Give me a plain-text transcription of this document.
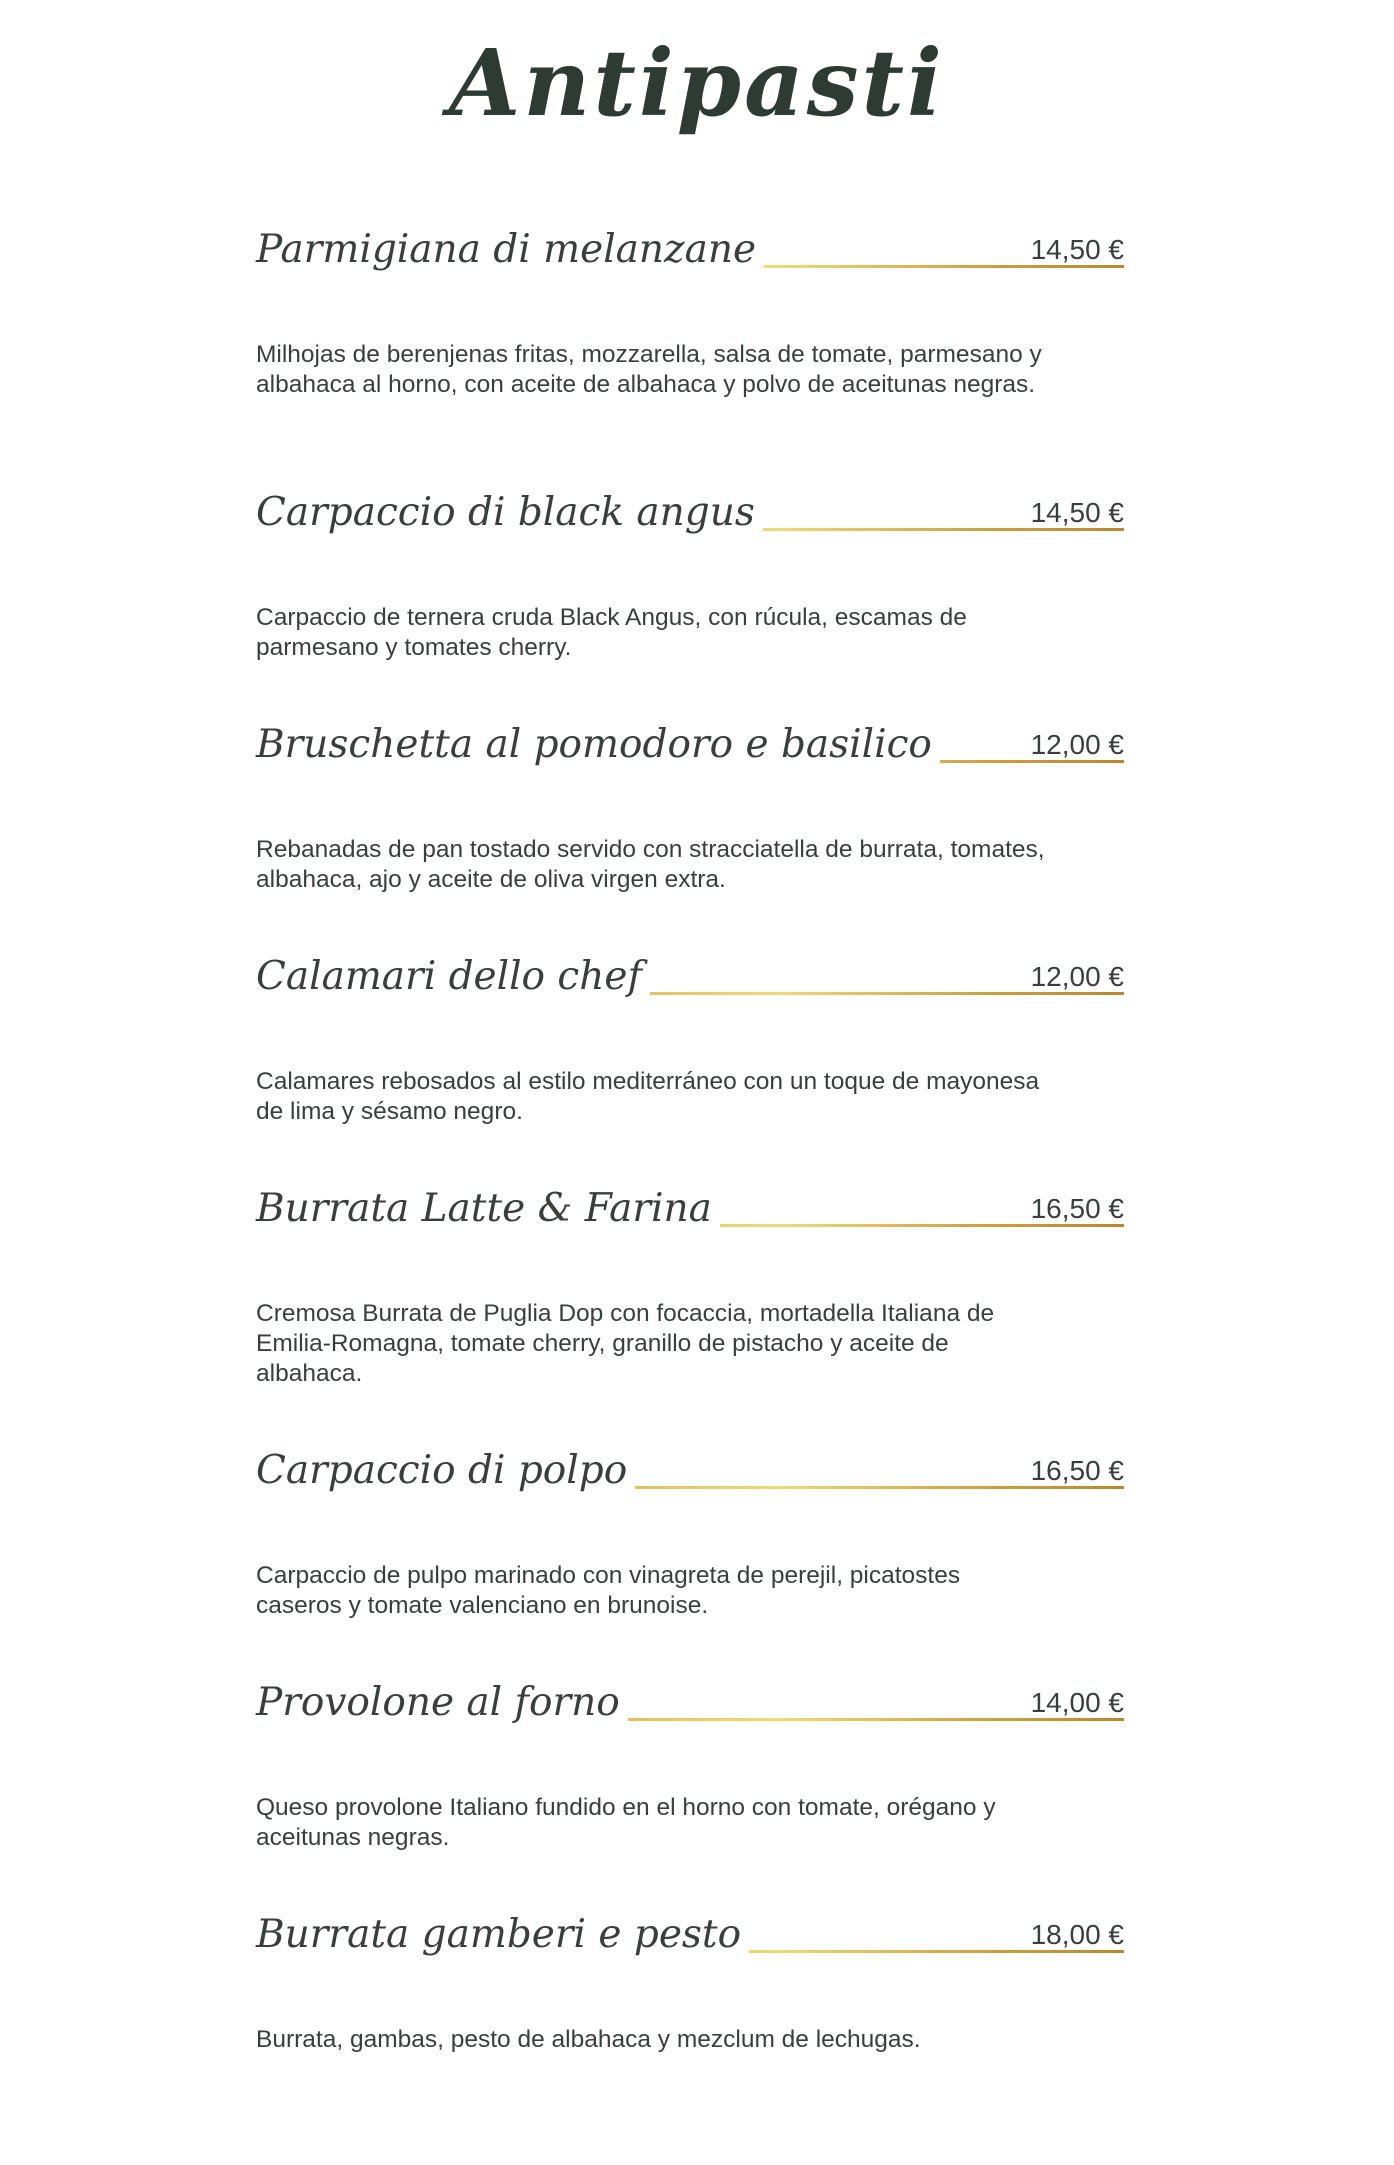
Antipasti
Parmigiana di melanzane	14,50 €
Milhojas de berenjenas fritas, mozzarella, salsa de tomate, parmesano y albahaca al horno, con aceite de albahaca y polvo de aceitunas negras.
Carpaccio di black angus	14,50 €
Carpaccio de ternera cruda Black Angus, con rúcula, escamas de parmesano y tomates cherry.
Bruschetta al pomodoro e basilico	12,00 €
Rebanadas de pan tostado servido con stracciatella de burrata, tomates, albahaca, ajo y aceite de oliva virgen extra.
Calamari dello chef	12,00 €
Calamares rebosados al estilo mediterráneo con un toque de mayonesa de lima y sésamo negro.
Burrata Latte & Farina	16,50 €
Cremosa Burrata de Puglia Dop con focaccia, mortadella Italiana de Emilia-Romagna, tomate cherry, granillo de pistacho y aceite de albahaca.
Carpaccio di polpo	16,50 €
Carpaccio de pulpo marinado con vinagreta de perejil, picatostes caseros y tomate valenciano en brunoise.
Provolone al forno	14,00 €
Queso provolone Italiano fundido en el horno con tomate, orégano y aceitunas negras.
Burrata gamberi e pesto	18,00 €
Burrata, gambas, pesto de albahaca y mezclum de lechugas.
